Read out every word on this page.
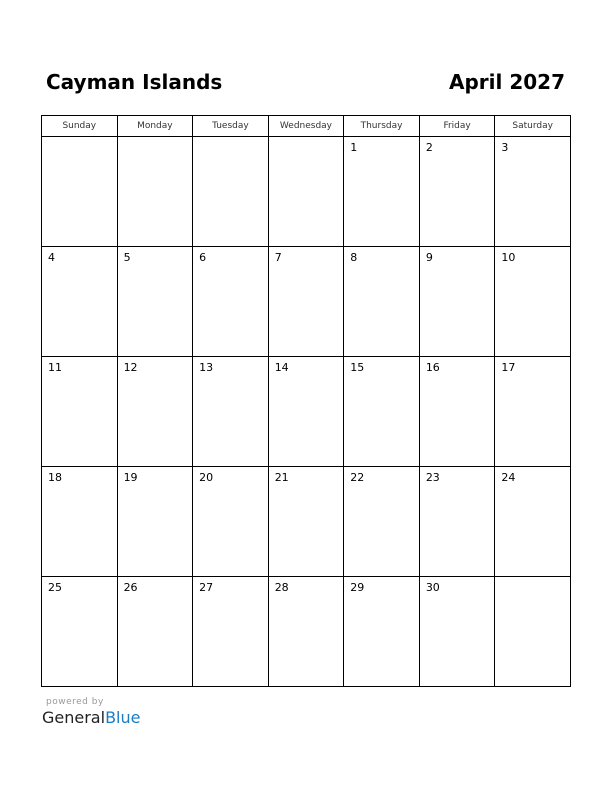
Cayman Islands	April 2027
Sunday	Monday	Tuesday	Wednesday	Thursday	Friday	Saturday

				1	2	3

4	5	6	7	8	9	10

11	12	13	14	15	16	17

18	19	20	21	22	23	24

25	26	27	28	29	30	

powered by
GeneralBlue
